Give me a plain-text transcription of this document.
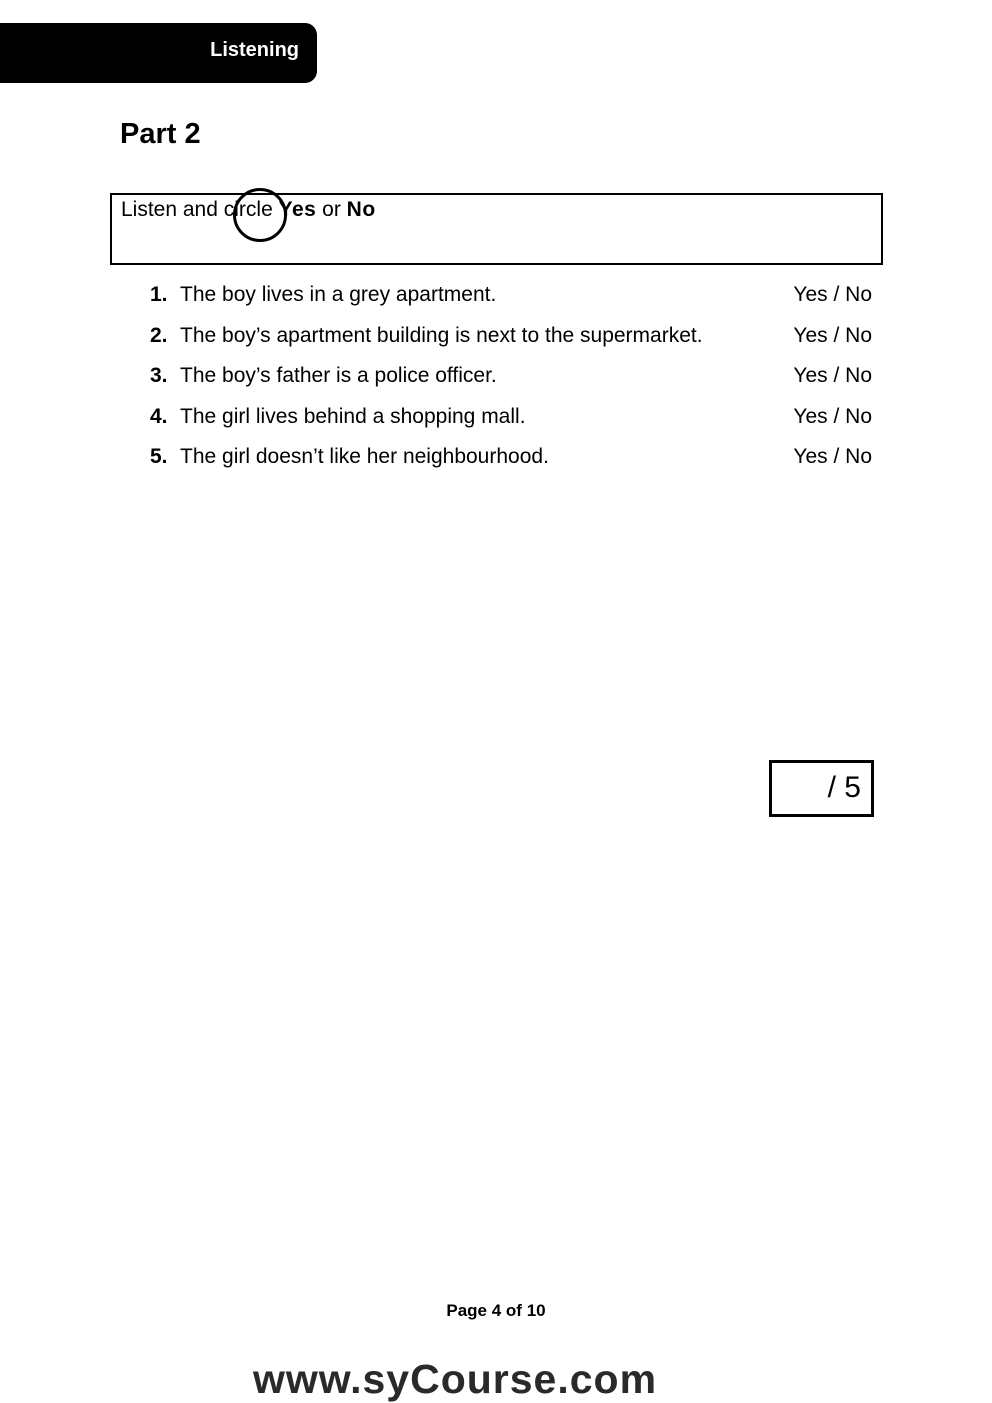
Listening
Part 2
Listen and circle Yes or No
1. The boy lives in a grey apartment.	Yes / No
2. The boy’s apartment building is next to the supermarket.	Yes / No
3. The boy’s father is a police officer.	Yes / No
4. The girl lives behind a shopping mall.	Yes / No
5. The girl doesn’t like her neighbourhood.	Yes / No
/ 5
Page 4 of 10
www.syCourse.com
